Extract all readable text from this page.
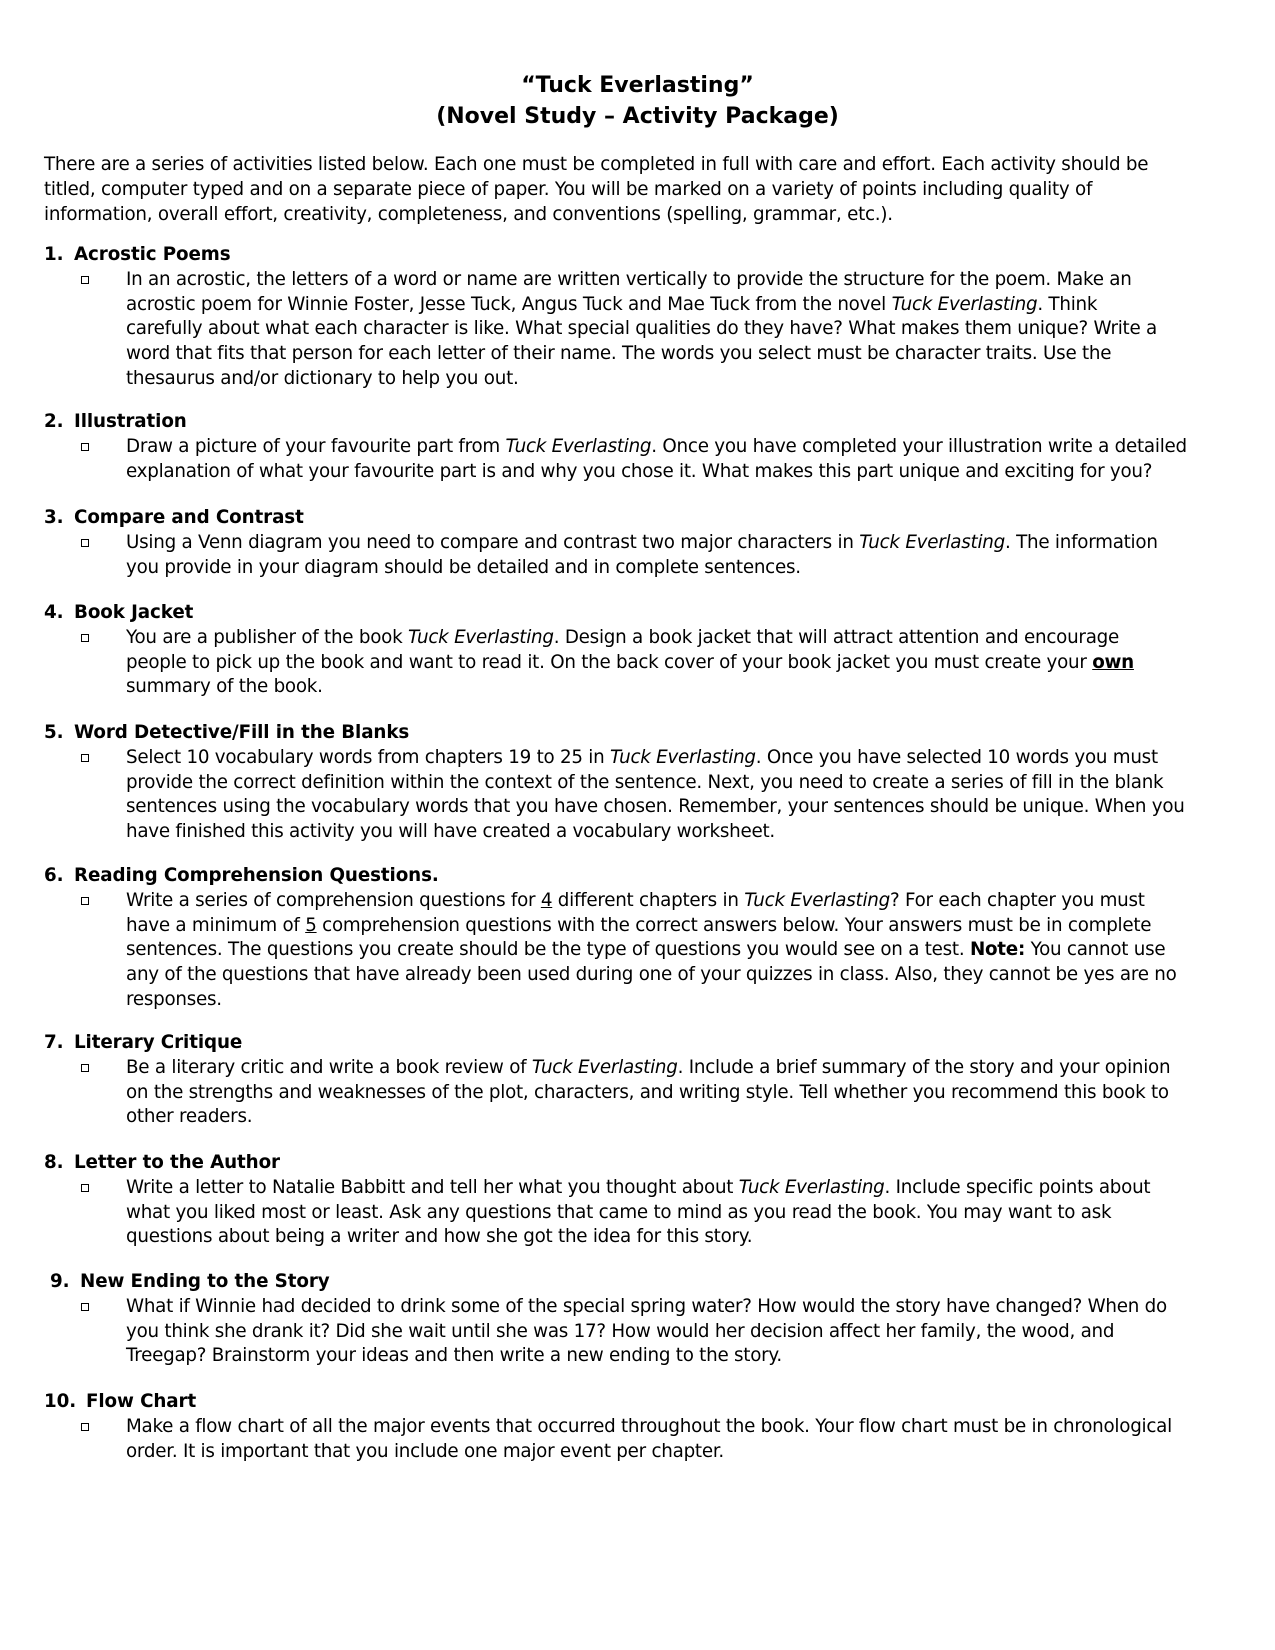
“Tuck Everlasting”
(Novel Study – Activity Package)
There are a series of activities listed below. Each one must be completed in full with care and effort. Each activity should be
titled, computer typed and on a separate piece of paper. You will be marked on a variety of points including quality of
information, overall effort, creativity, completeness, and conventions (spelling, grammar, etc.).
1. Acrostic Poems
In an acrostic, the letters of a word or name are written vertically to provide the structure for the poem. Make an
acrostic poem for Winnie Foster, Jesse Tuck, Angus Tuck and Mae Tuck from the novel Tuck Everlasting. Think
carefully about what each character is like. What special qualities do they have? What makes them unique? Write a
word that fits that person for each letter of their name. The words you select must be character traits. Use the
thesaurus and/or dictionary to help you out.
2. Illustration
Draw a picture of your favourite part from Tuck Everlasting. Once you have completed your illustration write a detailed
explanation of what your favourite part is and why you chose it. What makes this part unique and exciting for you?
3. Compare and Contrast
Using a Venn diagram you need to compare and contrast two major characters in Tuck Everlasting. The information
you provide in your diagram should be detailed and in complete sentences.
4. Book Jacket
You are a publisher of the book Tuck Everlasting. Design a book jacket that will attract attention and encourage
people to pick up the book and want to read it. On the back cover of your book jacket you must create your own
summary of the book.
5. Word Detective/Fill in the Blanks
Select 10 vocabulary words from chapters 19 to 25 in Tuck Everlasting. Once you have selected 10 words you must
provide the correct definition within the context of the sentence. Next, you need to create a series of fill in the blank
sentences using the vocabulary words that you have chosen. Remember, your sentences should be unique. When you
have finished this activity you will have created a vocabulary worksheet.
6. Reading Comprehension Questions.
Write a series of comprehension questions for 4 different chapters in Tuck Everlasting? For each chapter you must
have a minimum of 5 comprehension questions with the correct answers below. Your answers must be in complete
sentences. The questions you create should be the type of questions you would see on a test. Note: You cannot use
any of the questions that have already been used during one of your quizzes in class. Also, they cannot be yes are no
responses.
7. Literary Critique
Be a literary critic and write a book review of Tuck Everlasting. Include a brief summary of the story and your opinion
on the strengths and weaknesses of the plot, characters, and writing style. Tell whether you recommend this book to
other readers.
8. Letter to the Author
Write a letter to Natalie Babbitt and tell her what you thought about Tuck Everlasting. Include specific points about
what you liked most or least. Ask any questions that came to mind as you read the book. You may want to ask
questions about being a writer and how she got the idea for this story.
9. New Ending to the Story
What if Winnie had decided to drink some of the special spring water? How would the story have changed? When do
you think she drank it? Did she wait until she was 17? How would her decision affect her family, the wood, and
Treegap? Brainstorm your ideas and then write a new ending to the story.
10. Flow Chart
Make a flow chart of all the major events that occurred throughout the book. Your flow chart must be in chronological
order. It is important that you include one major event per chapter.
